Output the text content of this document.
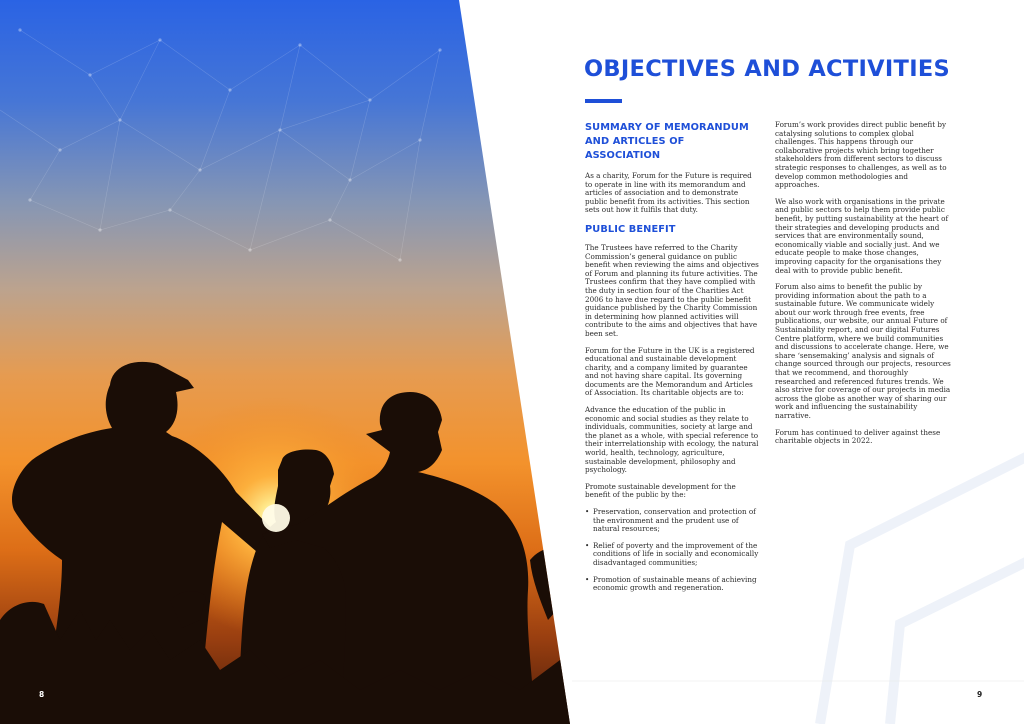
OBJECTIVES AND ACTIVITIES
SUMMARY OF MEMORANDUM AND ARTICLES OF ASSOCIATION

As a charity, Forum for the Future is required to operate in line with its memorandum and articles of association and to demonstrate public benefit from its activities. This section sets out how it fulfils that duty.

PUBLIC BENEFIT

The Trustees have referred to the Charity Commission’s general guidance on public benefit when reviewing the aims and objectives of Forum and planning its future activities. The Trustees confirm that they have complied with the duty in section four of the Charities Act 2006 to have due regard to the public benefit guidance published by the Charity Commission in determining how planned activities will contribute to the aims and objectives that have been set.

Forum for the Future in the UK is a registered educational and sustainable development charity, and a company limited by guarantee and not having share capital. Its governing documents are the Memorandum and Articles of Association. Its charitable objects are to:

Advance the education of the public in economic and social studies as they relate to individuals, communities, society at large and the planet as a whole, with special reference to their interrelationship with ecology, the natural world, health, technology, agriculture, sustainable development, philosophy and psychology.

Promote sustainable development for the benefit of the public by the:

• Preservation, conservation and protection of the environment and the prudent use of natural resources;
• Relief of poverty and the improvement of the conditions of life in socially and economically disadvantaged communities;
• Promotion of sustainable means of achieving economic growth and regeneration.

Forum’s work provides direct public benefit by catalysing solutions to complex global challenges. This happens through our collaborative projects which bring together stakeholders from different sectors to discuss strategic responses to challenges, as well as to develop common methodologies and approaches.

We also work with organisations in the private and public sectors to help them provide public benefit, by putting sustainability at the heart of their strategies and developing products and services that are environmentally sound, economically viable and socially just. And we educate people to make those changes, improving capacity for the organisations they deal with to provide public benefit.

Forum also aims to benefit the public by providing information about the path to a sustainable future. We communicate widely about our work through free events, free publications, our website, our annual Future of Sustainability report, and our digital Futures Centre platform, where we build communities and discussions to accelerate change. Here, we share ‘sensemaking’ analysis and signals of change sourced through our projects, resources that we recommend, and thoroughly researched and referenced futures trends. We also strive for coverage of our projects in media across the globe as another way of sharing our work and influencing the sustainability narrative.

Forum has continued to deliver against these charitable objects in 2022.

8	9
